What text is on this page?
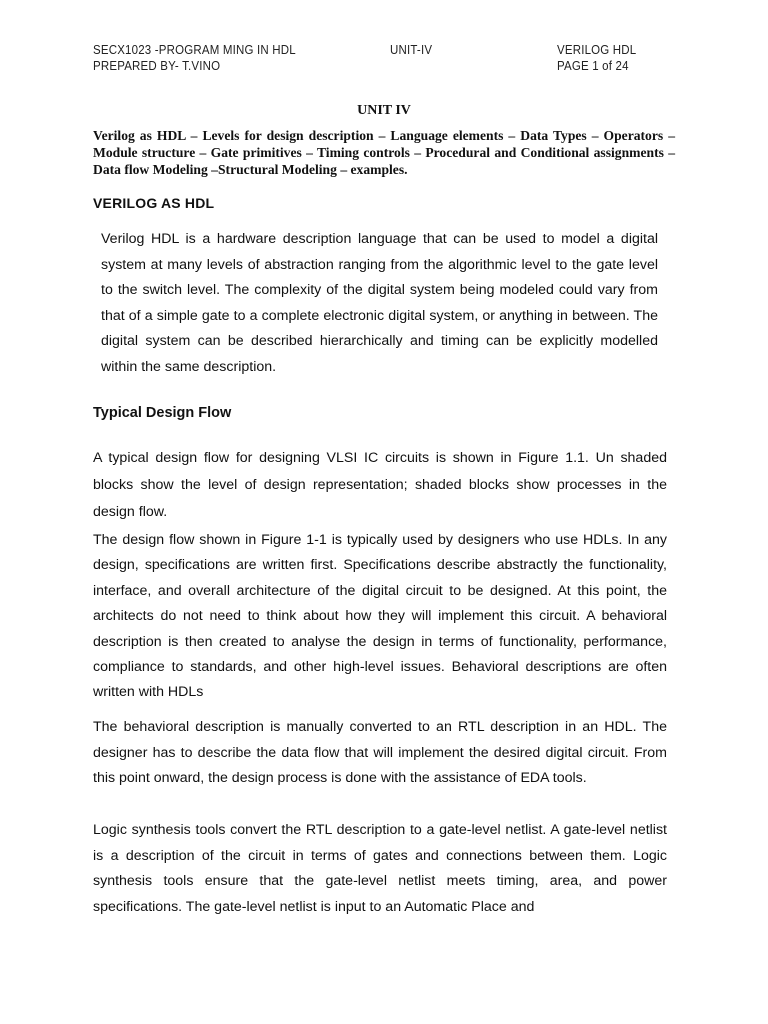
SECX1023 -PROGRAM MING IN HDL	UNIT-IV	VERILOG HDL
PREPARED BY- T.VINO	PAGE 1 of 24
UNIT IV
Verilog as HDL – Levels for design description – Language elements – Data Types – Operators – Module structure – Gate primitives – Timing controls – Procedural and Conditional assignments – Data flow Modeling –Structural Modeling – examples.
VERILOG AS HDL
Verilog HDL is a hardware description language that can be used to model a digital system at many levels of abstraction ranging from the algorithmic level to the gate level to the switch level. The complexity of the digital system being modeled could vary from that of a simple gate to a complete electronic digital system, or anything in between. The digital system can be described hierarchically and timing can be explicitly modelled within the same description.
Typical Design Flow
A typical design flow for designing VLSI IC circuits is shown in Figure 1.1. Un shaded blocks show the level of design representation; shaded blocks show processes in the design flow.
The design flow shown in Figure 1-1 is typically used by designers who use HDLs. In any design, specifications are written first. Specifications describe abstractly the functionality, interface, and overall architecture of the digital circuit to be designed. At this point, the architects do not need to think about how they will implement this circuit. A behavioral description is then created to analyse the design in terms of functionality, performance, compliance to standards, and other high-level issues. Behavioral descriptions are often written with HDLs
The behavioral description is manually converted to an RTL description in an HDL. The designer has to describe the data flow that will implement the desired digital circuit. From this point onward, the design process is done with the assistance of EDA tools.
Logic synthesis tools convert the RTL description to a gate-level netlist. A gate-level netlist is a description of the circuit in terms of gates and connections between them. Logic synthesis tools ensure that the gate-level netlist meets timing, area, and power specifications. The gate-level netlist is input to an Automatic Place and
